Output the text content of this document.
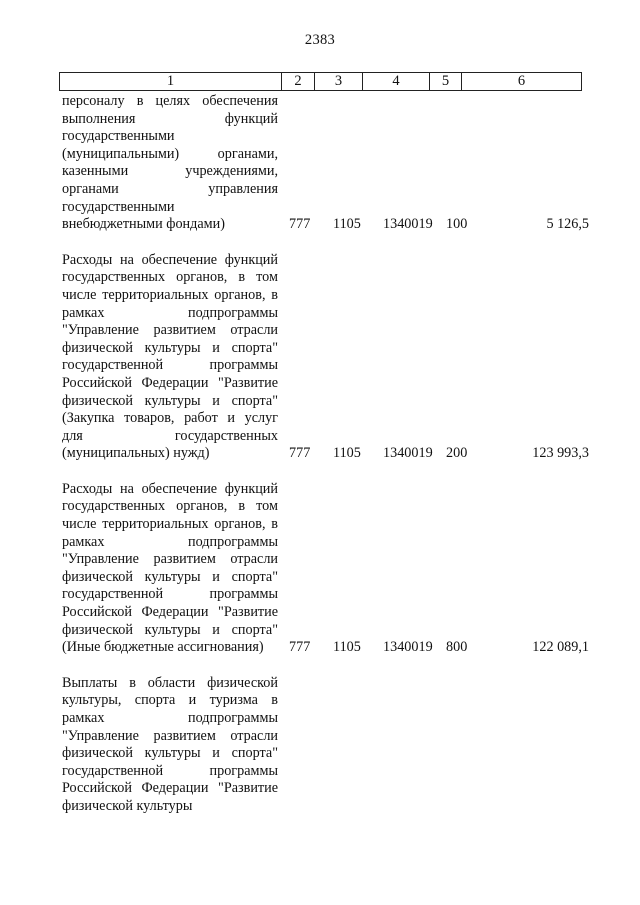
2383
1	2	3	4	5	6

персоналу в целях обеспечения выполнения функций государственными (муниципальными) органами, казенными учреждениями, органами управления государственными внебюджетными фондами)	777 1105 1340019 100	5 126,5

Расходы на обеспечение функций государственных органов, в том числе территориальных органов, в рамках подпрограммы "Управление развитием отрасли физической культуры и спорта" государственной программы Российской Федерации "Развитие физической культуры и спорта" (Закупка товаров, работ и услуг для государственных (муниципальных) нужд)	777 1105 1340019 200	123 993,3

Расходы на обеспечение функций государственных органов, в том числе территориальных органов, в рамках подпрограммы "Управление развитием отрасли физической культуры и спорта" государственной программы Российской Федерации "Развитие физической культуры и спорта" (Иные бюджетные ассигнования)	777 1105 1340019 800	122 089,1

Выплаты в области физической культуры, спорта и туризма в рамках подпрограммы "Управление развитием отрасли физической культуры и спорта" государственной программы Российской Федерации "Развитие физической культуры
